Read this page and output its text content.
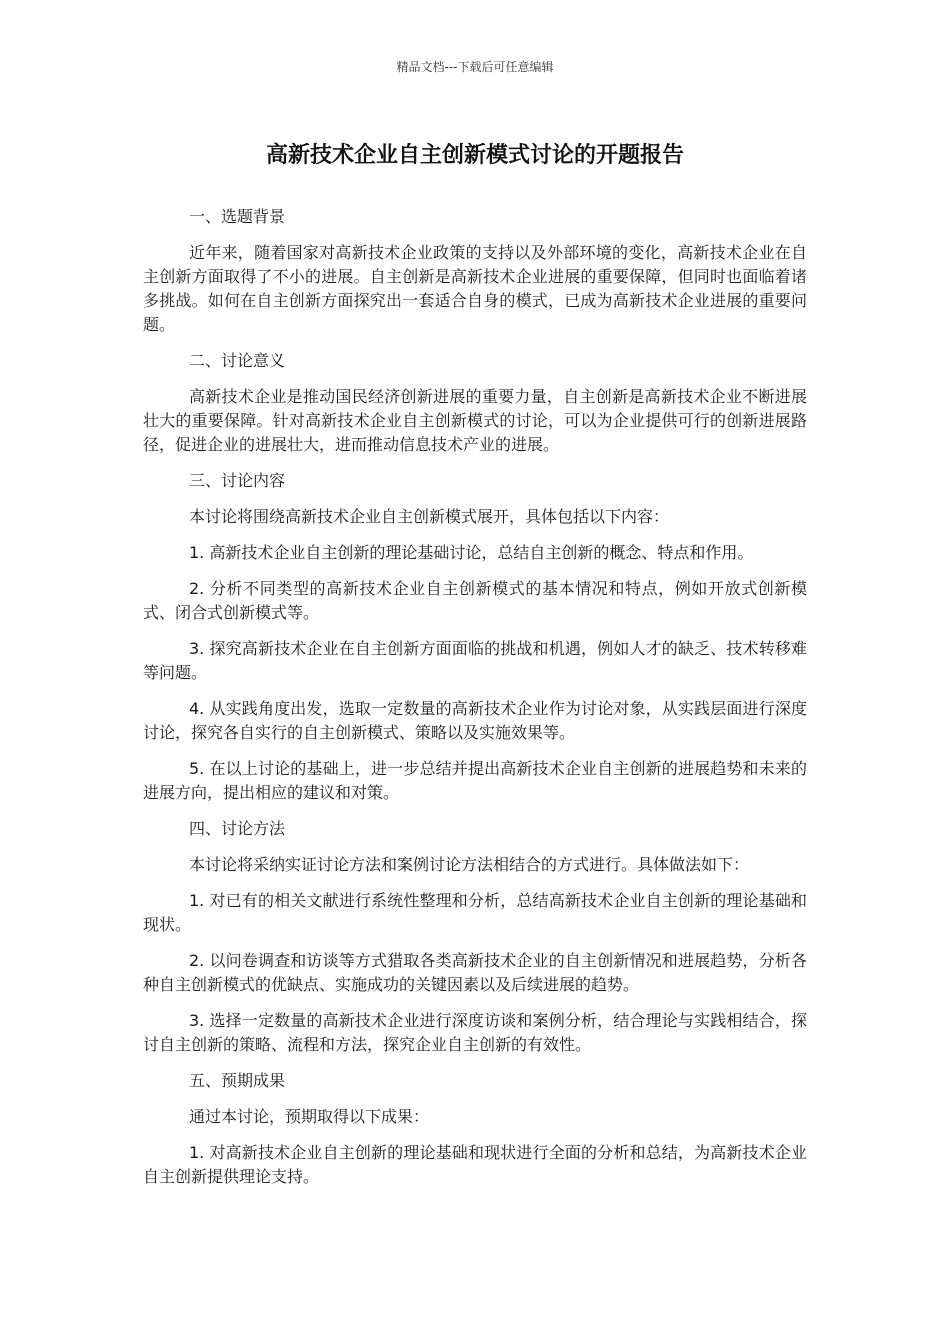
精品文档---下载后可任意编辑
高新技术企业自主创新模式讨论的开题报告

一、选题背景

近年来，随着国家对高新技术企业政策的支持以及外部环境的变化，高新技术企业在自主创新方面取得了不小的进展。自主创新是高新技术企业进展的重要保障，但同时也面临着诸多挑战。如何在自主创新方面探究出一套适合自身的模式，已成为高新技术企业进展的重要问题。

二、讨论意义

高新技术企业是推动国民经济创新进展的重要力量，自主创新是高新技术企业不断进展壮大的重要保障。针对高新技术企业自主创新模式的讨论，可以为企业提供可行的创新进展路径，促进企业的进展壮大，进而推动信息技术产业的进展。

三、讨论内容

本讨论将围绕高新技术企业自主创新模式展开，具体包括以下内容：

1. 高新技术企业自主创新的理论基础讨论，总结自主创新的概念、特点和作用。

2. 分析不同类型的高新技术企业自主创新模式的基本情况和特点，例如开放式创新模式、闭合式创新模式等。

3. 探究高新技术企业在自主创新方面面临的挑战和机遇，例如人才的缺乏、技术转移难等问题。

4. 从实践角度出发，选取一定数量的高新技术企业作为讨论对象，从实践层面进行深度讨论，探究各自实行的自主创新模式、策略以及实施效果等。

5. 在以上讨论的基础上，进一步总结并提出高新技术企业自主创新的进展趋势和未来的进展方向，提出相应的建议和对策。

四、讨论方法

本讨论将采纳实证讨论方法和案例讨论方法相结合的方式进行。具体做法如下：

1. 对已有的相关文献进行系统性整理和分析，总结高新技术企业自主创新的理论基础和现状。

2. 以问卷调查和访谈等方式猎取各类高新技术企业的自主创新情况和进展趋势，分析各种自主创新模式的优缺点、实施成功的关键因素以及后续进展的趋势。

3. 选择一定数量的高新技术企业进行深度访谈和案例分析，结合理论与实践相结合，探讨自主创新的策略、流程和方法，探究企业自主创新的有效性。

五、预期成果

通过本讨论，预期取得以下成果：

1. 对高新技术企业自主创新的理论基础和现状进行全面的分析和总结，为高新技术企业自主创新提供理论支持。
